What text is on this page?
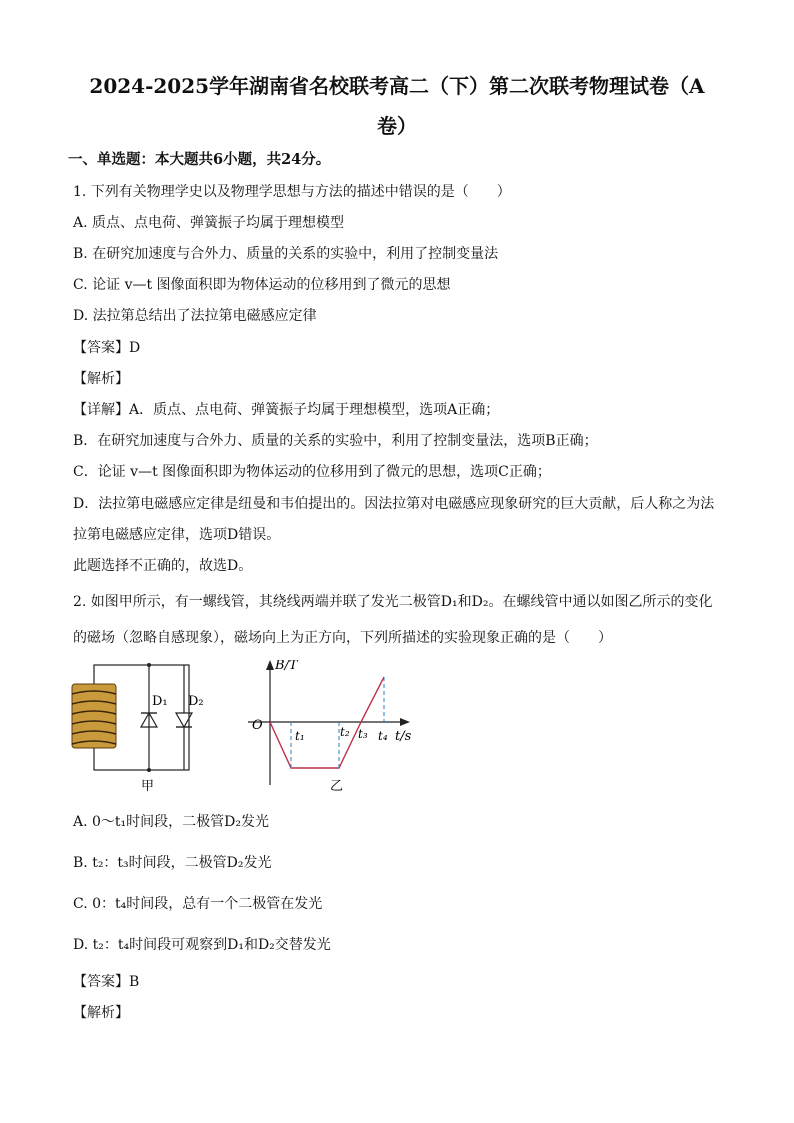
2024-2025学年湖南省名校联考高二（下）第二次联考物理试卷（A
卷）

一、单选题：本大题共6小题，共24分。

1. 下列有关物理学史以及物理学思想与方法的描述中错误的是（　　）

A. 质点、点电荷、弹簧振子均属于理想模型

B. 在研究加速度与合外力、质量的关系的实验中，利用了控制变量法

C. 论证 v—t 图像面积即为物体运动的位移用到了微元的思想

D. 法拉第总结出了法拉第电磁感应定律

【答案】D

【解析】

【详解】A．质点、点电荷、弹簧振子均属于理想模型，选项A正确；

B．在研究加速度与合外力、质量的关系的实验中，利用了控制变量法，选项B正确；

C．论证 v—t 图像面积即为物体运动的位移用到了微元的思想，选项C正确；

D．法拉第电磁感应定律是纽曼和韦伯提出的。因法拉第对电磁感应现象研究的巨大贡献，后人称之为法

拉第电磁感应定律，选项D错误。

此题选择不正确的，故选D。

2. 如图甲所示，有一螺线管，其绕线两端并联了发光二极管D₁和D₂。在螺线管中通以如图乙所示的变化

的磁场（忽略自感现象），磁场向上为正方向，下列所描述的实验现象正确的是（　　）

D₁ D₂
甲
B/T
t/s
O
t₁	t₂ t₃ t₄
乙

A. 0～t₁时间段，二极管D₂发光

B. t₂：t₃时间段，二极管D₂发光

C. 0：t₄时间段，总有一个二极管在发光

D. t₂：t₄时间段可观察到D₁和D₂交替发光

【答案】B

【解析】
